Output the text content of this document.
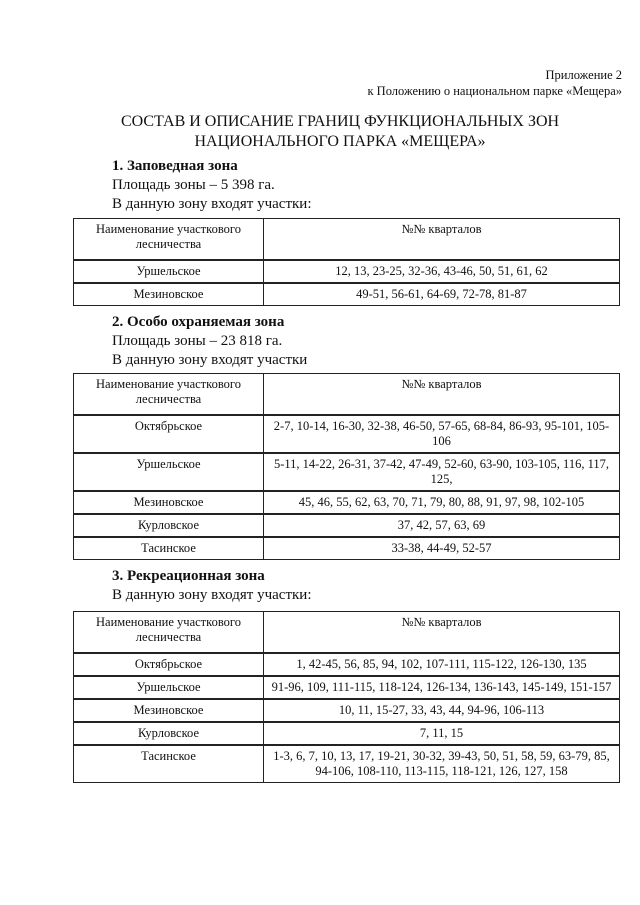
Приложение 2
к Положению о национальном парке «Мещера»
СОСТАВ И ОПИСАНИЕ ГРАНИЦ ФУНКЦИОНАЛЬНЫХ ЗОН
НАЦИОНАЛЬНОГО ПАРКА «МЕЩЕРА»
1. Заповедная зона
Площадь зоны – 5 398 га.
В данную зону входят участки:
Наименование участкового лесничества	№№ кварталов
Уршельское	12, 13, 23-25, 32-36, 43-46, 50, 51, 61, 62
Мезиновское	49-51, 56-61, 64-69, 72-78, 81-87
2. Особо охраняемая зона
Площадь зоны – 23 818 га.
В данную зону входят участки
Наименование участкового лесничества	№№ кварталов
Октябрьское	2-7, 10-14, 16-30, 32-38, 46-50, 57-65, 68-84, 86-93, 95-101, 105-106
Уршельское	5-11, 14-22, 26-31, 37-42, 47-49, 52-60, 63-90, 103-105, 116, 117, 125,
Мезиновское	45, 46, 55, 62, 63, 70, 71, 79, 80, 88, 91, 97, 98, 102-105
Курловское	37, 42, 57, 63, 69
Тасинское	33-38, 44-49, 52-57
3. Рекреационная зона
В данную зону входят участки:
Наименование участкового лесничества	№№ кварталов
Октябрьское	1, 42-45, 56, 85, 94, 102, 107-111, 115-122, 126-130, 135
Уршельское	91-96, 109, 111-115, 118-124, 126-134, 136-143, 145-149, 151-157
Мезиновское	10, 11, 15-27, 33, 43, 44, 94-96, 106-113
Курловское	7, 11, 15
Тасинское	1-3, 6, 7, 10, 13, 17, 19-21, 30-32, 39-43, 50, 51, 58, 59, 63-79, 85, 94-106, 108-110, 113-115, 118-121, 126, 127, 158
